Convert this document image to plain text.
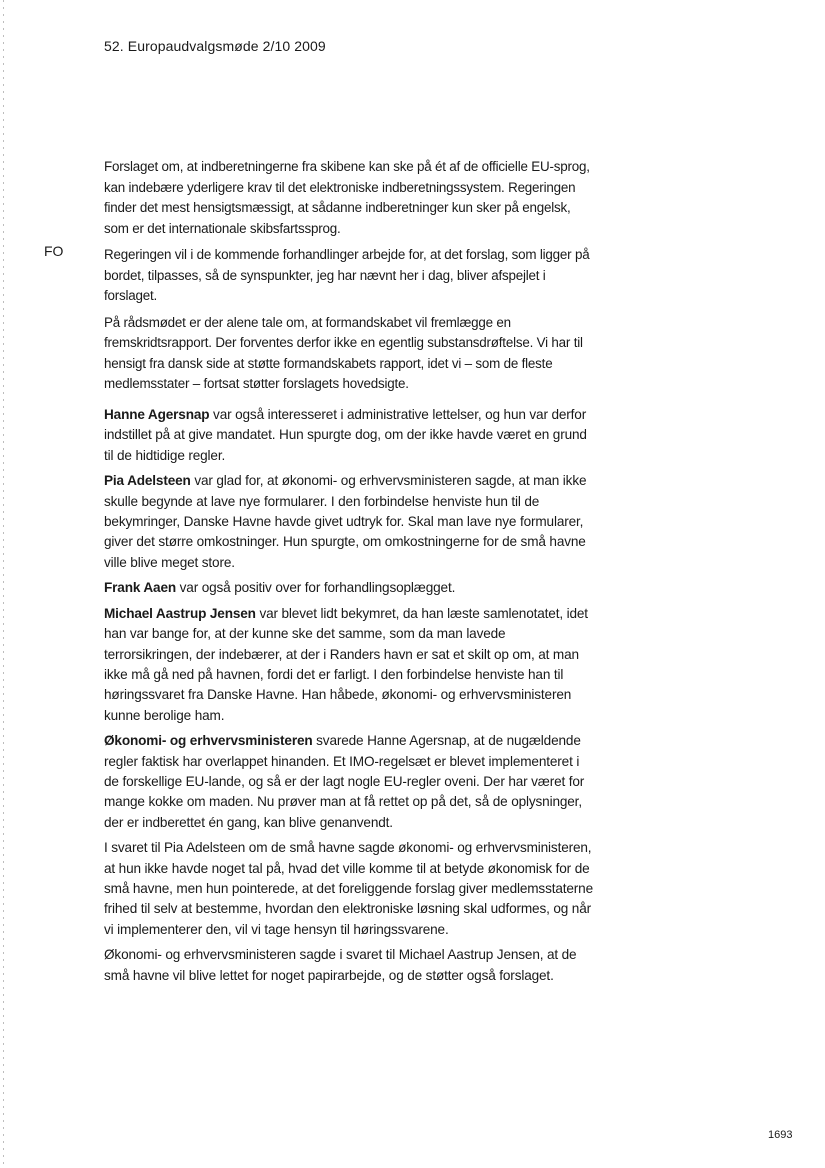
52. Europaudvalgsmøde 2/10 2009
FO

Forslaget om, at indberetningerne fra skibene kan ske på ét af de officielle EU-sprog, kan indebære yderligere krav til det elektroniske indberetningssystem. Regeringen finder det mest hensigtsmæssigt, at sådanne indberetninger kun sker på engelsk, som er det internationale skibsfartssprog.

Regeringen vil i de kommende forhandlinger arbejde for, at det forslag, som ligger på bordet, tilpasses, så de synspunkter, jeg har nævnt her i dag, bliver afspejlet i forslaget.

På rådsmødet er der alene tale om, at formandskabet vil fremlægge en fremskridtsrapport. Der forventes derfor ikke en egentlig substansdrøftelse. Vi har til hensigt fra dansk side at støtte formandskabets rapport, idet vi – som de fleste medlemsstater – fortsat støtter forslagets hovedsigte.

Hanne Agersnap var også interesseret i administrative lettelser, og hun var derfor indstillet på at give mandatet. Hun spurgte dog, om der ikke havde været en grund til de hidtidige regler.

Pia Adelsteen var glad for, at økonomi- og erhvervsministeren sagde, at man ikke skulle begynde at lave nye formularer. I den forbindelse henviste hun til de bekymringer, Danske Havne havde givet udtryk for. Skal man lave nye formularer, giver det større omkostninger. Hun spurgte, om omkostningerne for de små havne ville blive meget store.

Frank Aaen var også positiv over for forhandlingsoplægget.

Michael Aastrup Jensen var blevet lidt bekymret, da han læste samlenotatet, idet han var bange for, at der kunne ske det samme, som da man lavede terrorsikringen, der indebærer, at der i Randers havn er sat et skilt op om, at man ikke må gå ned på havnen, fordi det er farligt. I den forbindelse henviste han til høringssvaret fra Danske Havne. Han håbede, økonomi- og erhvervsministeren kunne berolige ham.

Økonomi- og erhvervsministeren svarede Hanne Agersnap, at de nugældende regler faktisk har overlappet hinanden. Et IMO-regelsæt er blevet implementeret i de forskellige EU-lande, og så er der lagt nogle EU-regler ovenі. Der har været for mange kokke om maden. Nu prøver man at få rettet op på det, så de oplysninger, der er indberettet én gang, kan blive genanvendt.

I svaret til Pia Adelsteen om de små havne sagde økonomi- og erhvervsministeren, at hun ikke havde noget tal på, hvad det ville komme til at betyde økonomisk for de små havne, men hun pointerede, at det foreliggende forslag giver medlemsstaterne frihed til selv at bestemme, hvordan den elektroniske løsning skal udformes, og når vi implementerer den, vil vi tage hensyn til høringssvarene.

Økonomi- og erhvervsministeren sagde i svaret til Michael Aastrup Jensen, at de små havne vil blive lettet for noget papirarbejde, og de støtter også forslaget.

1693
